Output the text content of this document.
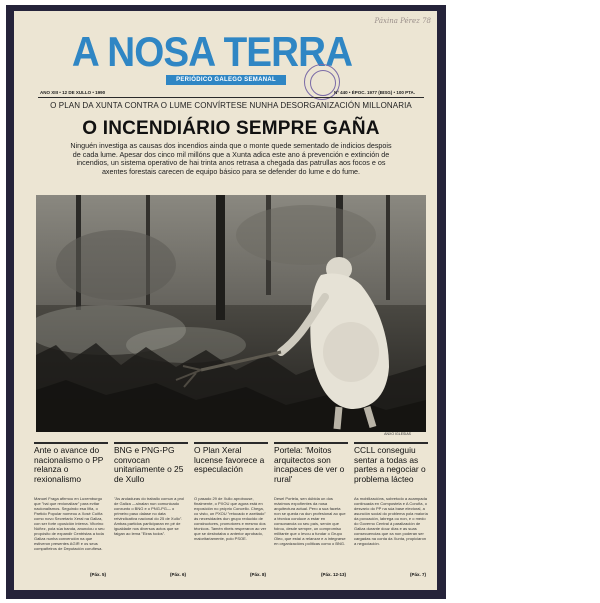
Páxina Pérez 78
A NOSA TERRA
PERIÓDICO GALEGO SEMANAL
ANO XIII • 12 DE XULLO • 1990	Nº 440 • ÉPOC. 1977 (BISG) • 100 PTA.
O PLAN DA XUNTA CONTRA O LUME CONVÍRTESE NUNHA DESORGANIZACIÓN MILLONARIA
O INCENDIÁRIO SEMPRE GAÑA
Ninguén investiga as causas dos incendios ainda que o monte quede sementado de indicios despois de cada lume. Apesar dos cinco mil millóns que a Xunta adica este ano á prevención e extinción de incendios, un sistema operativo de hai trinta anos retrasa a chegada das patrullas aos focos e os axentes forestais carecen de equipo básico para se defender do lume e do fume.
ANXO IGLESIAS
Ante o avance do nacionalismo o PP relanza o rexionalismo
Manuel Fraga afirmou en Luxemburgo que "hai que rexionalizar" para evitar nacionalismos. Seguindo esa liña, o Partido Popular nomeou a Xosé Cuíña como novo Secretario Xeral na Galiza, con ser forte oposición interna. Vitorino Núñez, pola súa banda, anunciou o seu propósito de expandir Centristas a toda Galiza nunha convención na que estiveron presentes AGIR e os seus compañeiros de Deputación coruñesa.
(Páx. 5)
BNG e PNG-PG convocan unitariamente o 25 de Xullo
"As andaduras do traballo comun a prol de Galiza —sinalan nun comunicado conxunto o BNG e o PNG-PG— o primeiro paso dalase no data reivindicativa nacional do 25 de Xullo". Ambas partidos participaran en pé de igualdade nos diversos actos que se faigan ao lema "Eiras todos".
(Páx. 6)
O Plan Xeral lucense favorece a especulación
O pasado 29 de Xullo aprobouse, finalmente, o PXOU que agora está en exposición no próprio Concello. Chega, co visto, un PXOU "retocado e axeitado" ás necesidades dun grupo reducido de constructores, promotores e mesmo dos técnicos. Tamén ribeis resperaron ao ver que se desbotaba o anterior aprobado, maioritariamente, polo PSOE.
(Páx. 8)
Portela: 'Moitos arquitectos son incapaces de ver o rural'
Desel Portela, sen dúbida un dos máximos expoñentes da nosa arquitectura actual. Pero a sua faceta non se queda na dun profesional ao que a técnica conduce a estar en consonancia co seu país, senón que foirou, desde sempre, un compromiso militante que o levou a fundar o Grupo Oleo, que estaí a relanzar e a integrarse en organizacións políticas como o BNG.
(Páx. 12-13)
CCLL conseguiu sentar a todas as partes a negociar o problema lácteo
As mobilizacións, sobretodo a acampada continuada en Compostela e A Coruña, o desvarío do PP na súa base electoral, a asunción social do problema pola maioría da povoación, labrega ou non, e o medo do Governo Central á paralización de Galiza durante douz días e as suas consecuencias que xa non poderan ser cargadas na conta da Xunta, propiciaron a negociación.
(Páx. 7)
